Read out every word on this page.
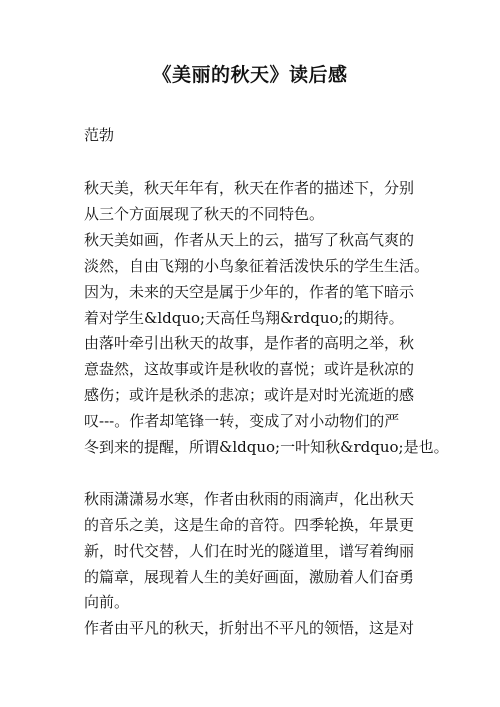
《美丽的秋天》读后感
范勃
秋天美，秋天年年有，秋天在作者的描述下，分别
从三个方面展现了秋天的不同特色。
秋天美如画，作者从天上的云，描写了秋高气爽的
淡然，自由飞翔的小鸟象征着活泼快乐的学生生活。
因为，未来的天空是属于少年的，作者的笔下暗示
着对学生&ldquo;天高任鸟翔&rdquo;的期待。
由落叶牵引出秋天的故事，是作者的高明之举，秋
意盎然，这故事或许是秋收的喜悦；或许是秋凉的
感伤；或许是秋杀的悲凉；或许是对时光流逝的感
叹---。作者却笔锋一转，变成了对小动物们的严
冬到来的提醒，所谓&ldquo;一叶知秋&rdquo;是也。
秋雨潇潇易水寒，作者由秋雨的雨滴声，化出秋天
的音乐之美，这是生命的音符。四季轮换，年景更
新，时代交替，人们在时光的隧道里，谱写着绚丽
的篇章，展现着人生的美好画面，激励着人们奋勇
向前。
作者由平凡的秋天，折射出不平凡的领悟，这是对
